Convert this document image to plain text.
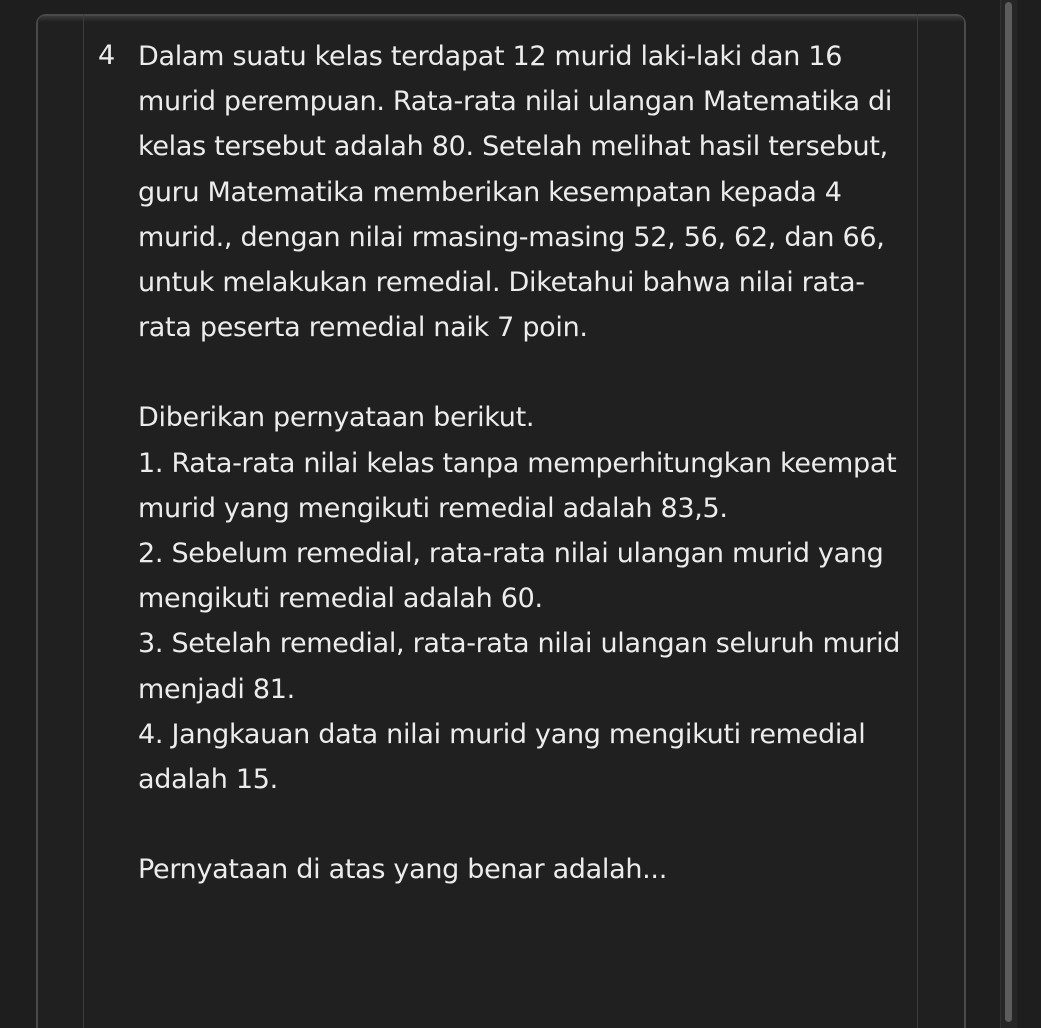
4 Dalam suatu kelas terdapat 12 murid laki-laki dan 16 murid perempuan. Rata-rata nilai ulangan Matematika di kelas tersebut adalah 80. Setelah melihat hasil tersebut, guru Matematika memberikan kesempatan kepada 4 murid., dengan nilai rmasing-masing 52, 56, 62, dan 66, untuk melakukan remedial. Diketahui bahwa nilai rata-rata peserta remedial naik 7 poin.

Diberikan pernyataan berikut.

1. Rata-rata nilai kelas tanpa memperhitungkan keempat murid yang mengikuti remedial adalah 83,5.

2. Sebelum remedial, rata-rata nilai ulangan murid yang mengikuti remedial adalah 60.

3. Setelah remedial, rata-rata nilai ulangan seluruh murid menjadi 81.

4. Jangkauan data nilai murid yang mengikuti remedial adalah 15.

Pernyataan di atas yang benar adalah...
